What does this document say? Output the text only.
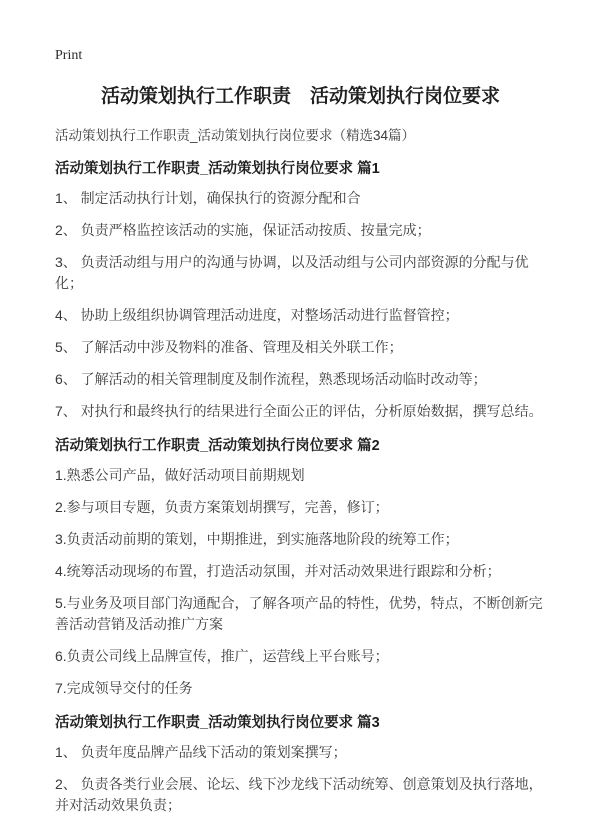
Print
活动策划执行工作职责　活动策划执行岗位要求

活动策划执行工作职责_活动策划执行岗位要求（精选34篇）

活动策划执行工作职责_活动策划执行岗位要求 篇1

1、 制定活动执行计划，确保执行的资源分配和合

2、 负责严格监控该活动的实施，保证活动按质、按量完成；

3、 负责活动组与用户的沟通与协调，以及活动组与公司内部资源的分配与优化；

4、 协助上级组织协调管理活动进度，对整场活动进行监督管控；

5、 了解活动中涉及物料的准备、管理及相关外联工作；

6、 了解活动的相关管理制度及制作流程，熟悉现场活动临时改动等；

7、 对执行和最终执行的结果进行全面公正的评估，分析原始数据，撰写总结。

活动策划执行工作职责_活动策划执行岗位要求 篇2

1.熟悉公司产品，做好活动项目前期规划

2.参与项目专题，负责方案策划胡撰写，完善，修订；

3.负责活动前期的策划，中期推进，到实施落地阶段的统筹工作；

4.统筹活动现场的布置，打造活动氛围，并对活动效果进行跟踪和分析；

5.与业务及项目部门沟通配合，了解各项产品的特性，优势，特点，不断创新完善活动营销及活动推广方案

6.负责公司线上品牌宣传，推广，运营线上平台账号；

7.完成领导交付的任务

活动策划执行工作职责_活动策划执行岗位要求 篇3

1、 负责年度品牌产品线下活动的策划案撰写；

2、 负责各类行业会展、论坛、线下沙龙线下活动统筹、创意策划及执行落地，并对活动效果负责；
